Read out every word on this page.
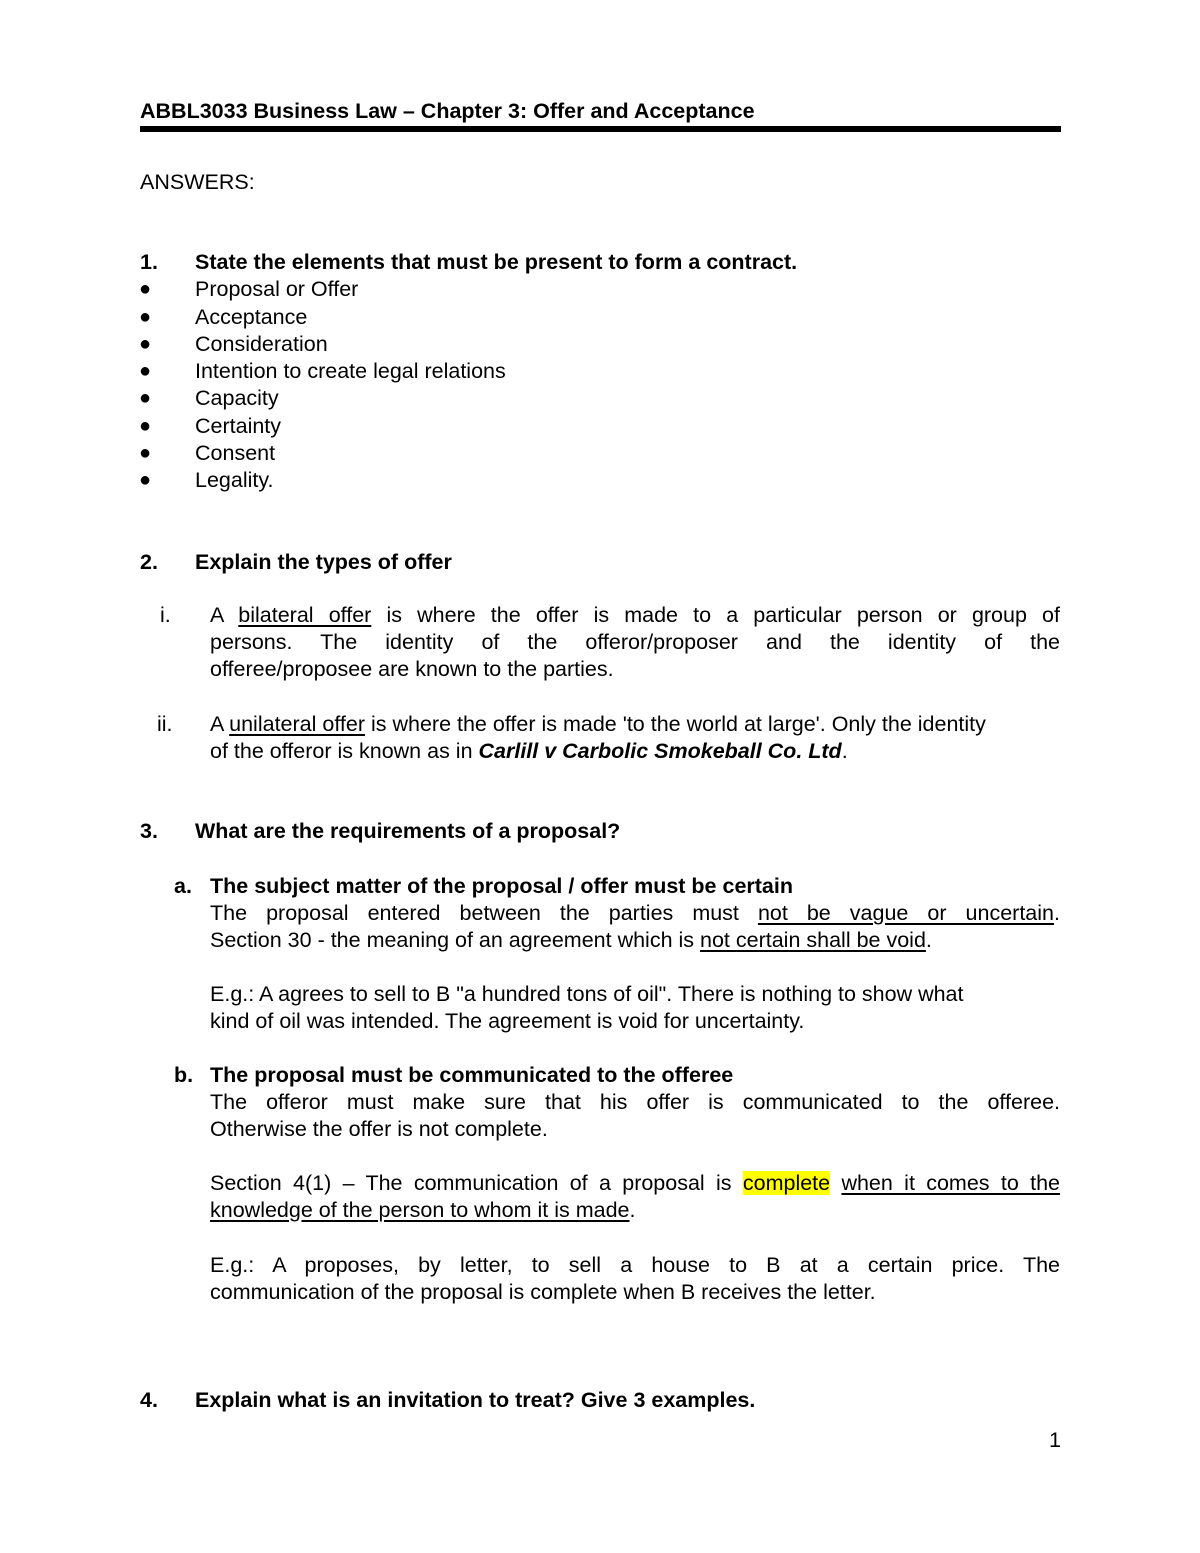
ABBL3033 Business Law – Chapter 3: Offer and Acceptance
ANSWERS:
1. State the elements that must be present to form a contract.
● Proposal or Offer
● Acceptance
● Consideration
● Intention to create legal relations
● Capacity
● Certainty
● Consent
● Legality.
2. Explain the types of offer
i. A bilateral offer is where the offer is made to a particular person or group of
persons. The identity of the offeror/proposer and the identity of the
offeree/proposee are known to the parties.
ii. A unilateral offer is where the offer is made 'to the world at large'. Only the identity
of the offeror is known as in Carlill v Carbolic Smokeball Co. Ltd.
3. What are the requirements of a proposal?
a. The subject matter of the proposal / offer must be certain
The proposal entered between the parties must not be vague or uncertain.
Section 30 - the meaning of an agreement which is not certain shall be void.
E.g.: A agrees to sell to B "a hundred tons of oil". There is nothing to show what
kind of oil was intended. The agreement is void for uncertainty.
b. The proposal must be communicated to the offeree
The offeror must make sure that his offer is communicated to the offeree.
Otherwise the offer is not complete.
Section 4(1) – The communication of a proposal is complete when it comes to the
knowledge of the person to whom it is made.
E.g.: A proposes, by letter, to sell a house to B at a certain price. The
communication of the proposal is complete when B receives the letter.
4. Explain what is an invitation to treat? Give 3 examples.
1
